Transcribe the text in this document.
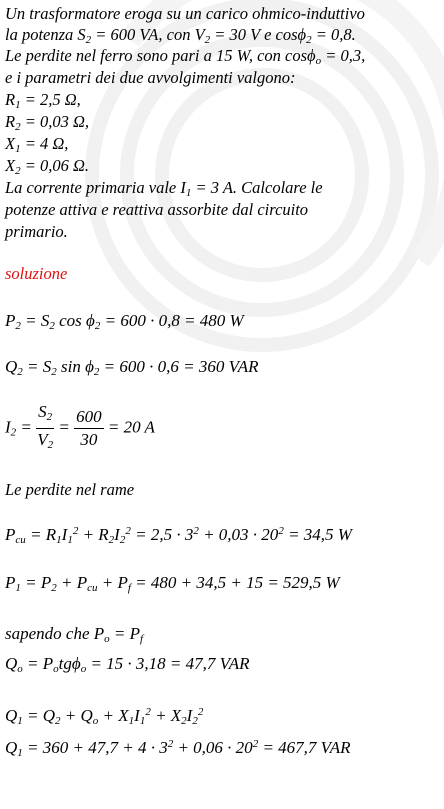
Un trasformatore eroga su un carico ohmico-induttivo
la potenza $S_2 = 600$ VA, con $V_2 = 30$ V e cosϕ$_2$ = 0,8.
Le perdite nel ferro sono pari a 15 W, con cosϕ$_o$ = 0,3,
e i parametri dei due avvolgimenti valgono:
$R_1 = 2,5$ Ω,
$R_2 = 0,03$ Ω,
$X_1 = 4$ Ω,
$X_2 = 0,06$ Ω.
La corrente primaria vale $I_1 = 3$ A. Calcolare le
potenze attiva e reattiva assorbite dal circuito
primario.
soluzione
$P_2 = S_2$ $\cos \phi_2 = 600 \cdot 0,8 = 480$ W
$Q_2 = S_2$ $\sin \phi_2 = 600 \cdot 0,6 = 360$ VAR
$I_2 = \frac{S_2}{V_2} = \frac{600}{30} = 20$ A
Le perdite nel rame
$P_{cu} = R_1I_1^2 + R_2I_2^2 = 2,5 \cdot 3^2 + 0,03 \cdot 20^2 = 34,5$ W
$P_1 = P_2 + P_{cu} + P_f = 480 + 34,5 + 15 = 529,5$ W
sapendo che $P_o = P_f$
$Q_o = P_otg\phi_o = 15 \cdot 3,18 = 47,7$ VAR
$Q_1 = Q_2 + Q_o + X_1I_1^2 + X_2I_2^2$
$Q_1 = 360 + 47,7 + 4 \cdot 3^2 + 0,06 \cdot 20^2 = 467,7$ VAR
